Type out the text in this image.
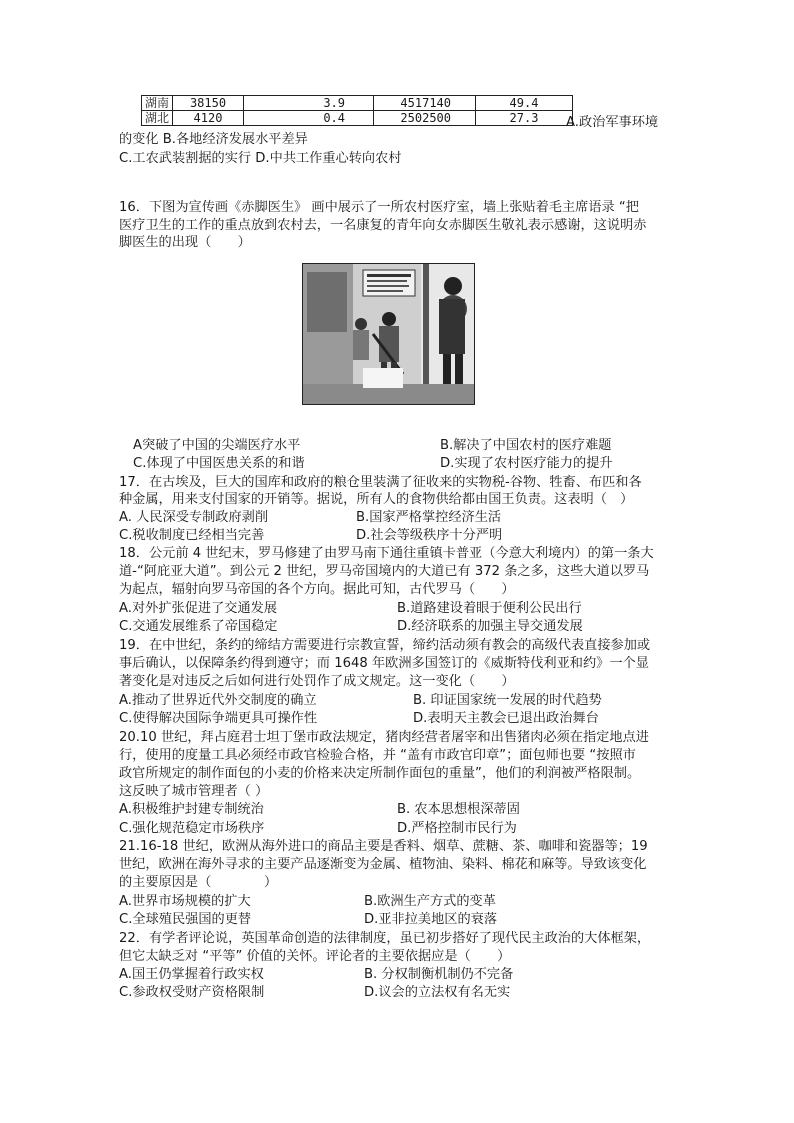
湖南	38150	3.9	4517140	49.4
湖北	4120	0.4	2502500	27.3 A.政治军事环境
的变化 B.各地经济发展水平差异
C.工农武装割据的实行 D.中共工作重心转向农村
16．下图为宣传画《赤脚医生》 画中展示了一所农村医疗室，墙上张贴着毛主席语录 “把
医疗卫生的工作的重点放到农村去，一名康复的青年向女赤脚医生敬礼表示感谢，这说明赤
脚医生的出现（　　）
A突破了中国的尖端医疗水平	B.解决了中国农村的医疗难题
C.体现了中国医患关系的和谐	D.实现了农村医疗能力的提升
17．在古埃及，巨大的国库和政府的粮仓里装满了征收来的实物税-谷物、牲畜、布匹和各
种金属，用来支付国家的开销等。据说，所有人的食物供给都由国王负责。这表明（　）
A. 人民深受专制政府剥削	B.国家严格掌控经济生活
C.税收制度已经相当完善	D.社会等级秩序十分严明
18．公元前 4 世纪末，罗马修建了由罗马南下通往重镇卡普亚（今意大利境内）的第一条大
道-“阿庇亚大道”。到公元 2 世纪，罗马帝国境内的大道已有 372 条之多，这些大道以罗马
为起点，辐射向罗马帝国的各个方向。据此可知，古代罗马（　　）
A.对外扩张促进了交通发展	B.道路建设着眼于便利公民出行
C.交通发展维系了帝国稳定	D.经济联系的加强主导交通发展
19．在中世纪，条约的缔结方需要进行宗教宣誓，缔约活动须有教会的高级代表直接参加或
事后确认，以保障条约得到遵守；而 1648 年欧洲多国签订的《威斯特伐利亚和约》一个显
著变化是对违反之后如何进行处罚作了成文规定。这一变化（　　）
A.推动了世界近代外交制度的确立	B. 印证国家统一发展的时代趋势
C.使得解决国际争端更具可操作性	D.表明天主教会已退出政治舞台
20.10 世纪，拜占庭君士坦丁堡市政法规定，猪肉经营者屠宰和出售猪肉必须在指定地点进
行，使用的度量工具必须经市政官检验合格，并 “盖有市政官印章”；面包师也要 “按照市
政官所规定的制作面包的小麦的价格来决定所制作面包的重量”，他们的利润被严格限制。
这反映了城市管理者（ ）
A.积极维护封建专制统治	B. 农本思想根深蒂固
C.强化规范稳定市场秩序	D.严格控制市民行为
21.16-18 世纪，欧洲从海外进口的商品主要是香料、烟草、蔗糖、茶、咖啡和瓷器等；19
世纪，欧洲在海外寻求的主要产品逐渐变为金属、植物油、染料、棉花和麻等。导致该变化
的主要原因是（　　　　）
A.世界市场规模的扩大	B.欧洲生产方式的变革
C.全球殖民强国的更替	D.亚非拉美地区的衰落
22．有学者评论说，英国革命创造的法律制度，虽已初步搭好了现代民主政治的大体框架，
但它太缺乏对 “平等” 价值的关怀。评论者的主要依据应是（　　）
A.国王仍掌握着行政实权	B. 分权制衡机制仍不完备
C.参政权受财产资格限制	D.议会的立法权有名无实
